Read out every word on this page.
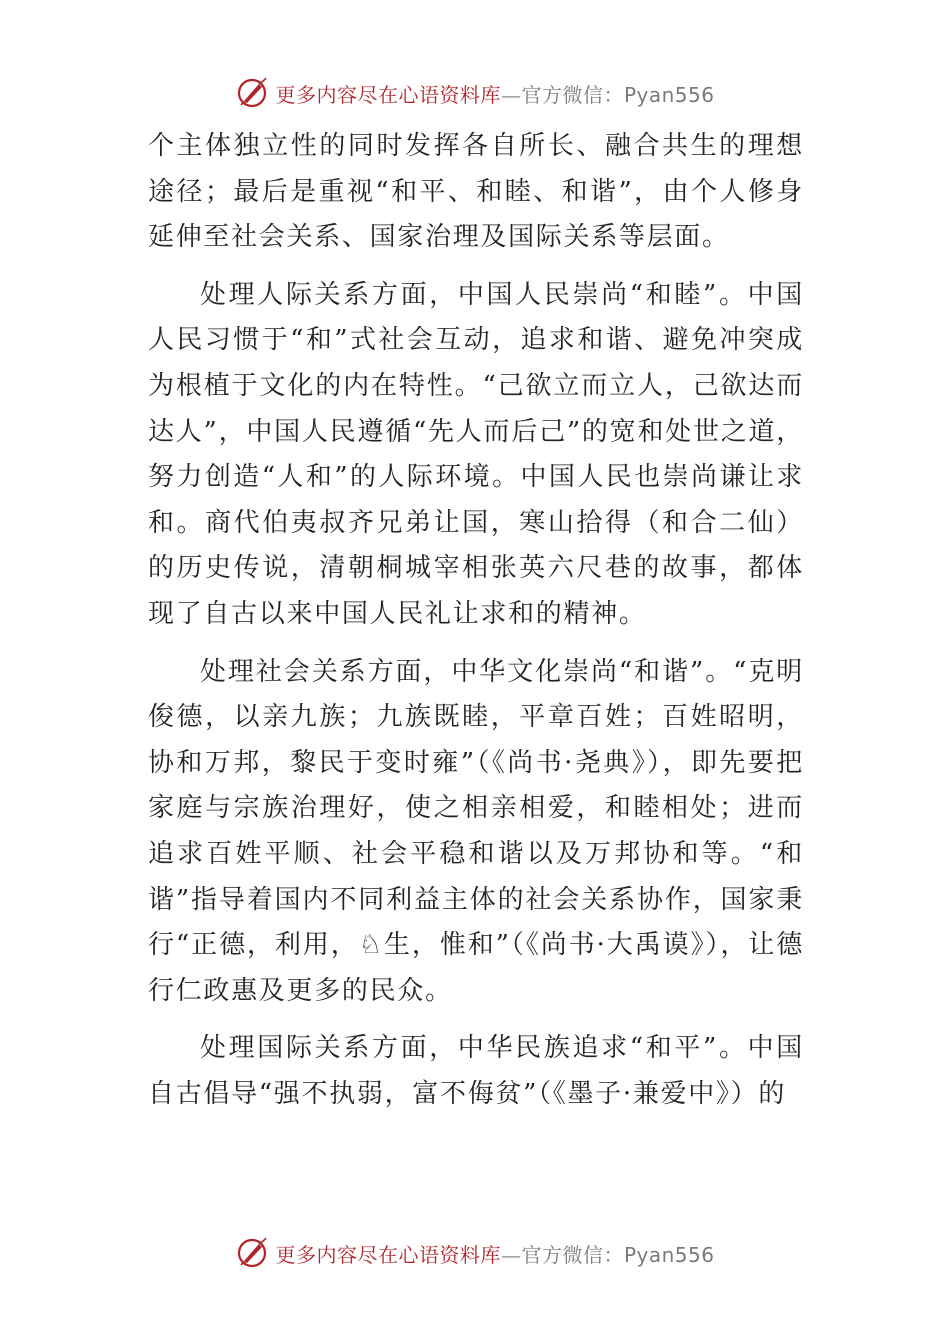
更多内容尽在心语资料库—官方微信：Pyan556

个主体独立性的同时发挥各自所长、融合共生的理想途径；最后是重视“和平、和睦、和谐”，由个人修身延伸至社会关系、国家治理及国际关系等层面。

处理人际关系方面，中国人民崇尚“和睦”。中国人民习惯于“和”式社会互动，追求和谐、避免冲突成为根植于文化的内在特性。“己欲立而立人，己欲达而达人”，中国人民遵循“先人而后己”的宽和处世之道，努力创造“人和”的人际环境。中国人民也崇尚谦让求和。商代伯夷叔齐兄弟让国，寒山拾得（和合二仙）的历史传说，清朝桐城宰相张英六尺巷的故事，都体现了自古以来中国人民礼让求和的精神。

处理社会关系方面，中华文化崇尚“和谐”。“克明俊德，以亲九族；九族既睦，平章百姓；百姓昭明，协和万邦，黎民于变时雍”（《尚书·尧典》），即先要把家庭与宗族治理好，使之相亲相爱，和睦相处；进而追求百姓平顺、社会平稳和谐以及万邦协和等。“和谐”指导着国内不同利益主体的社会关系协作，国家秉行“正德，利用，♘生，惟和”（《尚书·大禹谟》），让德行仁政惠及更多的民众。

处理国际关系方面，中华民族追求“和平”。中国自古倡导“强不执弱，富不侮贫”（《墨子·兼爱中》）的

更多内容尽在心语资料库—官方微信：Pyan556
